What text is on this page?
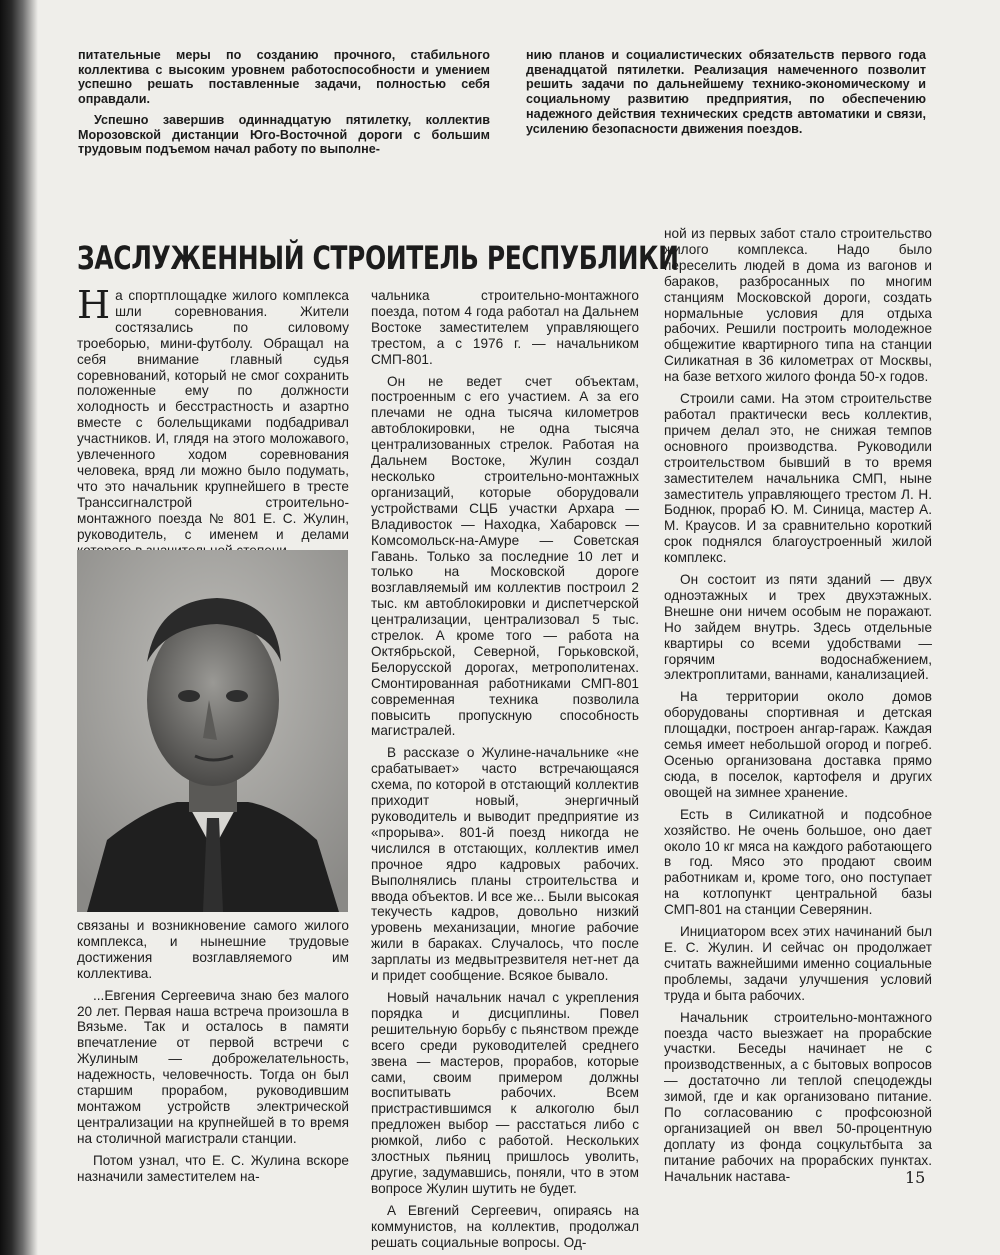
питательные меры по созданию прочного, стабильного коллектива с высоким уровнем работоспособности и умением успешно решать поставленные задачи, полностью себя оправдали.

Успешно завершив одиннадцатую пятилетку, коллектив Морозовской дистанции Юго-Восточной дороги с большим трудовым подъемом начал работу по выполне-

нию планов и социалистических обязательств первого года двенадцатой пятилетки. Реализация намеченного позволит решить задачи по дальнейшему технико-экономическому и социальному развитию предприятия, по обеспечению надежного действия технических средств автоматики и связи, усилению безопасности движения поездов.

ЗАСЛУЖЕННЫЙ СТРОИТЕЛЬ РЕСПУБЛИКИ

На спортплощадке жилого комплекса шли соревнования. Жители состязались по силовому троеборью, мини-футболу. Обращал на себя внимание главный судья соревнований, который не смог сохранить положенные ему по должности холодность и бесстрастность и азартно вместе с болельщиками подбадривал участников. И, глядя на этого моложавого, увлеченного ходом соревнования человека, вряд ли можно было подумать, что это начальник крупнейшего в тресте Транссигналстрой строительно-монтажного поезда № 801 Е. С. Жулин, руководитель, с именем и делами

связаны и возникновение самого жилого комплекса, и нынешние трудовые достижения возглавляемого им коллектива.

...Евгения Сергеевича знаю без малого 20 лет. Первая наша встреча произошла в Вязьме. Так и осталось в памяти впечатление от первой встречи с Жулиным — доброжелательность, надежность, человечность. Тогда он был старшим прорабом, руководившим монтажом устройств электрической централизации на крупнейшей в то время на столичной магистрали станции.

Потом узнал, что Е. С. Жулина вскоре назначили заместителем на-

чальника строительно-монтажного поезда, потом 4 года работал на Дальнем Востоке заместителем управляющего трестом, а с 1976 г. — начальником СМП-801.

Он не ведет счет объектам, построенным с его участием. А за его плечами не одна тысяча километров автоблокировки, не одна тысяча централизованных стрелок. Работая на Дальнем Востоке, Жулин создал несколько строительно-монтажных организаций, которые оборудовали устройствами СЦБ участки Архара — Владивосток — Находка, Хабаровск — Комсомольск-на-Амуре — Советская Гавань. Только за последние 10 лет и только на Московской дороге возглавляемый им коллектив построил 2 тыс. км автоблокировки и диспетчерской централизации, централизовал 5 тыс. стрелок. А кроме того — работа на Октябрьской, Северной, Горьковской, Белорусской дорогах, метрополитенах. Смонтированная работниками СМП-801 современная техника позволила повысить пропускную способность магистралей.

В рассказе о Жулине-начальнике «не срабатывает» часто встречающаяся схема, по которой в отстающий коллектив приходит новый, энергичный руководитель и выводит предприятие из «прорыва». 801-й поезд никогда не числился в отстающих, коллектив имел прочное ядро кадровых рабочих. Выполнялись планы строительства и ввода объектов. И все же... Были высокая текучесть кадров, довольно низкий уровень механизации, многие рабочие жили в бараках. Случалось, что после зарплаты из медвытрезвителя нет-нет да и придет сообщение. Всякое бывало.

Новый начальник начал с укрепления порядка и дисциплины. Повел решительную борьбу с пьянством прежде всего среди руководителей среднего звена — мастеров, прорабов, которые сами, своим примером должны воспитывать рабочих. Всем пристрастившимся к алкоголю был предложен выбор — расстаться либо с рюмкой, либо с работой. Нескольких злостных пьяниц пришлось уволить, другие, задумавшись, поняли, что в этом вопросе Жулин шутить не будет.

А Евгений Сергеевич, опираясь на коммунистов, на коллектив, продолжал решать социальные вопросы. Од-

ной из первых забот стало строительство жилого комплекса. Надо было переселить людей в дома из вагонов и бараков, разбросанных по многим станциям Московской дороги, создать нормальные условия для отдыха рабочих. Решили построить молодежное общежитие квартирного типа на станции Силикатная в 36 километрах от Москвы, на базе ветхого жилого фонда 50-х годов.

Строили сами. На этом строительстве работал практически весь коллектив, причем делал это, не снижая темпов основного производства. Руководили строительством бывший в то время заместителем начальника СМП, ныне заместитель управляющего трестом Л. Н. Боднюк, прораб Ю. М. Синица, мастер А. М. Краусов. И за сравнительно короткий срок поднялся благоустроенный жилой комплекс.

Он состоит из пяти зданий — двух одноэтажных и трех двухэтажных. Внешне они ничем особым не поражают. Но зайдем внутрь. Здесь отдельные квартиры со всеми удобствами — горячим водоснабжением, электроплитами, ваннами, канализацией.

На территории около домов оборудованы спортивная и детская площадки, построен ангар-гараж. Каждая семья имеет небольшой огород и погреб. Осенью организована доставка прямо сюда, в поселок, картофеля и других овощей на зимнее хранение.

Есть в Силикатной и подсобное хозяйство. Не очень большое, оно дает около 10 кг мяса на каждого работающего в год. Мясо это продают своим работникам и, кроме того, оно поступает на котлопункт центральной базы СМП-801 на станции Северянин.

Инициатором всех этих начинаний был Е. С. Жулин. И сейчас он продолжает считать важнейшими именно социальные проблемы, задачи улучшения условий труда и быта рабочих.

Начальник строительно-монтажного поезда часто выезжает на прорабские участки. Беседы начинает не с производственных, а с бытовых вопросов — достаточно ли теплой спецодежды зимой, где и как организовано питание. По согласованию с профсоюзной организацией он ввел 50-процентную доплату из фонда соцкультбыта за питание рабочих на прорабских пунктах. Начальник настава-	15
